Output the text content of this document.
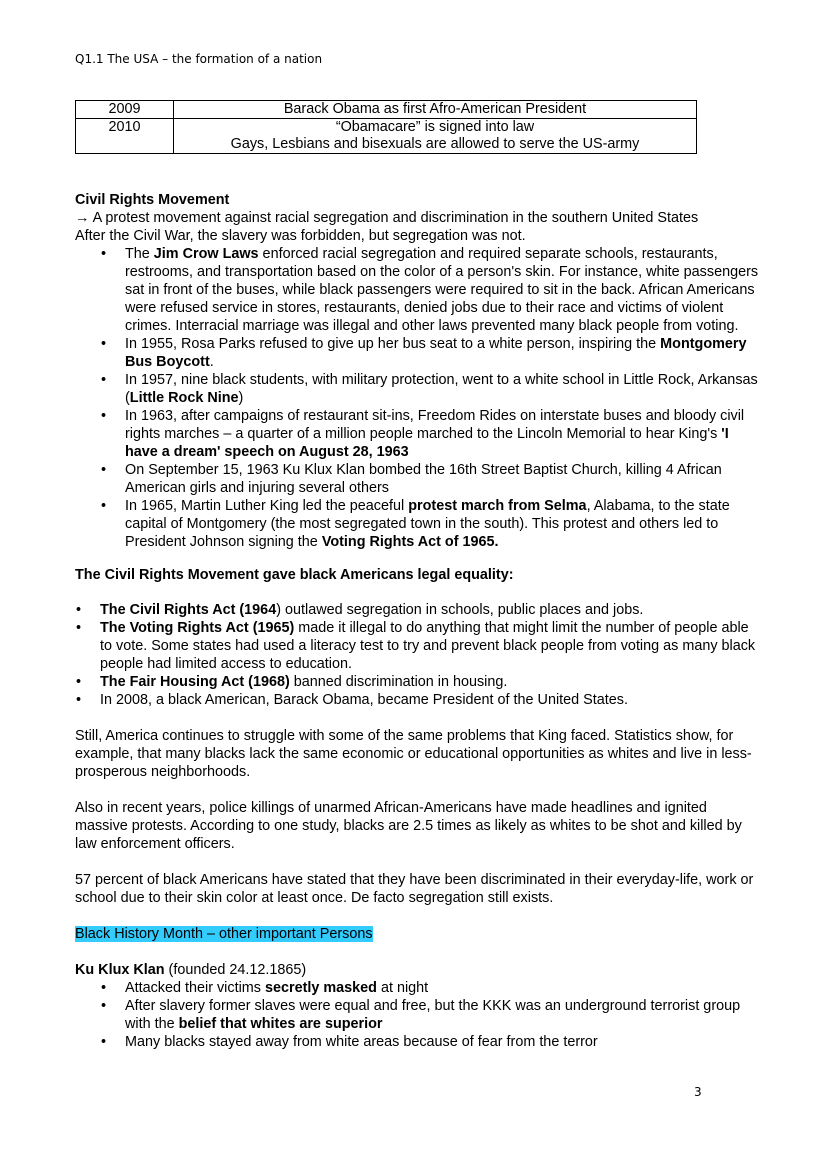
Q1.1 The USA – the formation of a nation
2009	Barack Obama as first Afro-American President
2010	“Obamacare” is signed into law
Gays, Lesbians and bisexuals are allowed to serve the US-army

Civil Rights Movement

→ A protest movement against racial segregation and discrimination in the southern United States

After the Civil War, the slavery was forbidden, but segregation was not.

• The Jim Crow Laws enforced racial segregation and required separate schools, restaurants, restrooms, and transportation based on the color of a person's skin. For instance, white passengers sat in front of the buses, while black passengers were required to sit in the back. African Americans were refused service in stores, restaurants, denied jobs due to their race and victims of violent crimes. Interracial marriage was illegal and other laws prevented many black people from voting.
• In 1955, Rosa Parks refused to give up her bus seat to a white person, inspiring the Montgomery Bus Boycott.
• In 1957, nine black students, with military protection, went to a white school in Little Rock, Arkansas (Little Rock Nine)
• In 1963, after campaigns of restaurant sit-ins, Freedom Rides on interstate buses and bloody civil rights marches – a quarter of a million people marched to the Lincoln Memorial to hear King's 'I have a dream' speech on August 28, 1963
• On September 15, 1963 Ku Klux Klan bombed the 16th Street Baptist Church, killing 4 African American girls and injuring several others
• In 1965, Martin Luther King led the peaceful protest march from Selma, Alabama, to the state capital of Montgomery (the most segregated town in the south). This protest and others led to President Johnson signing the Voting Rights Act of 1965.

The Civil Rights Movement gave black Americans legal equality:

• The Civil Rights Act (1964) outlawed segregation in schools, public places and jobs.
• The Voting Rights Act (1965) made it illegal to do anything that might limit the number of people able to vote. Some states had used a literacy test to try and prevent black people from voting as many black people had limited access to education.
• The Fair Housing Act (1968) banned discrimination in housing.
• In 2008, a black American, Barack Obama, became President of the United States.

Still, America continues to struggle with some of the same problems that King faced. Statistics show, for example, that many blacks lack the same economic or educational opportunities as whites and live in less-prosperous neighborhoods.

Also in recent years, police killings of unarmed African-Americans have made headlines and ignited massive protests. According to one study, blacks are 2.5 times as likely as whites to be shot and killed by law enforcement officers.

57 percent of black Americans have stated that they have been discriminated in their everyday-life, work or school due to their skin color at least once. De facto segregation still exists.

Black History Month – other important Persons

Ku Klux Klan (founded 24.12.1865)

• Attacked their victims secretly masked at night
• After slavery former slaves were equal and free, but the KKK was an underground terrorist group with the belief that whites are superior
• Many blacks stayed away from white areas because of fear from the terror
3
